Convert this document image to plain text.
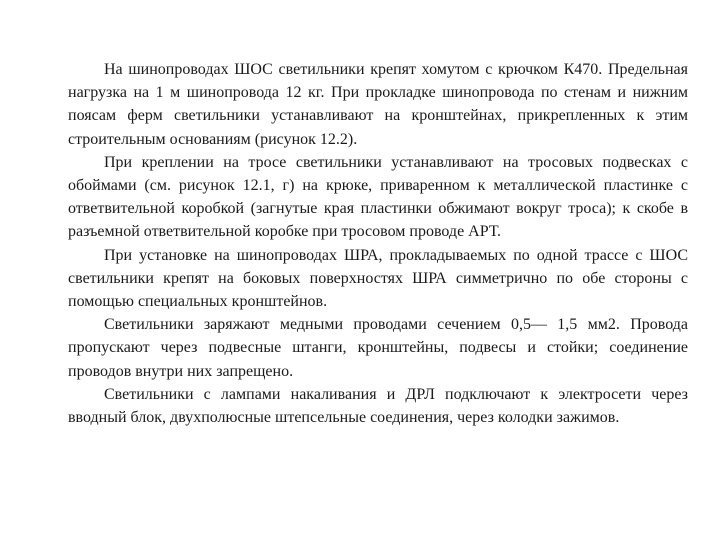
На шинопроводах ШОС светильники крепят хомутом с крючком К470. Предельная нагрузка на 1 м шинопровода 12 кг. При прокладке шинопровода по стенам и нижним поясам ферм светильники устанавливают на кронштейнах, прикрепленных к этим строительным основаниям (рисунок 12.2).

При креплении на тросе светильники устанавливают на тросовых подвесках с обоймами (см. рисунок 12.1, г) на крюке, приваренном к металлической пластинке с ответвительной коробкой (загнутые края пластинки обжимают вокруг троса); к скобе в разъемной ответвительной коробке при тросовом проводе АРТ.

При установке на шинопроводах ШРА, прокладываемых по одной трассе с ШОС светильники крепят на боковых поверхностях ШРА симметрично по обе стороны с помощью специальных кронштейнов.

Светильники заряжают медными проводами сечением 0,5— 1,5 мм2. Провода пропускают через подвесные штанги, кронштейны, подвесы и стойки; соединение проводов внутри них запрещено.

Светильники с лампами накаливания и ДРЛ подключают к электросети через вводный блок, двухполюсные штепсельные соединения, через колодки зажимов.
